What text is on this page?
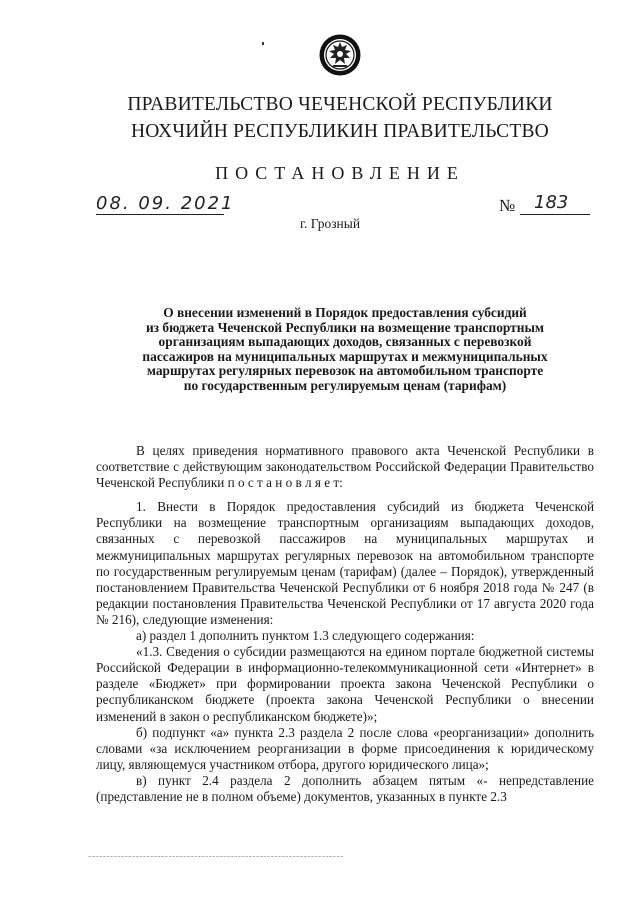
ПРАВИТЕЛЬСТВО ЧЕЧЕНСКОЙ РЕСПУБЛИКИ
НОХЧИЙН РЕСПУБЛИКИН ПРАВИТЕЛЬСТВО
ПОСТАНОВЛЕНИЕ
08. 09. 2021	№ 183
г. Грозный
О внесении изменений в Порядок предоставления субсидий
из бюджета Чеченской Республики на возмещение транспортным
организациям выпадающих доходов, связанных с перевозкой
пассажиров на муниципальных маршрутах и межмуниципальных
маршрутах регулярных перевозок на автомобильном транспорте
по государственным регулируемым ценам (тарифам)

В целях приведения нормативного правового акта Чеченской Республики в соответствие с действующим законодательством Российской Федерации Правительство Чеченской Республики п о с т а н о в л я е т:

1. Внести в Порядок предоставления субсидий из бюджета Чеченской Республики на возмещение транспортным организациям выпадающих доходов, связанных с перевозкой пассажиров на муниципальных маршрутах и межмуниципальных маршрутах регулярных перевозок на автомобильном транспорте по государственным регулируемым ценам (тарифам) (далее – Порядок), утвержденный постановлением Правительства Чеченской Республики от 6 ноября 2018 года № 247 (в редакции постановления Правительства Чеченской Республики от 17 августа 2020 года № 216), следующие изменения:

а) раздел 1 дополнить пунктом 1.3 следующего содержания:

«1.3. Сведения о субсидии размещаются на едином портале бюджетной системы Российской Федерации в информационно-телекоммуникационной сети «Интернет» в разделе «Бюджет» при формировании проекта закона Чеченской Республики о республиканском бюджете (проекта закона Чеченской Республики о внесении изменений в закон о республиканском бюджете)»;

б) подпункт «а» пункта 2.3 раздела 2 после слова «реорганизации» дополнить словами «за исключением реорганизации в форме присоединения к юридическому лицу, являющемуся участником отбора, другого юридического лица»;

в) пункт 2.4 раздела 2 дополнить абзацем пятым «- непредставление (представление не в полном объеме) документов, указанных в пункте 2.3

~~~~~~~~~~~~~~~~~~~~~~~~~~~~~~~~~~~~~~~~~~~~~~~~~~~~~~~~~~~~~~~~~~~~~~
